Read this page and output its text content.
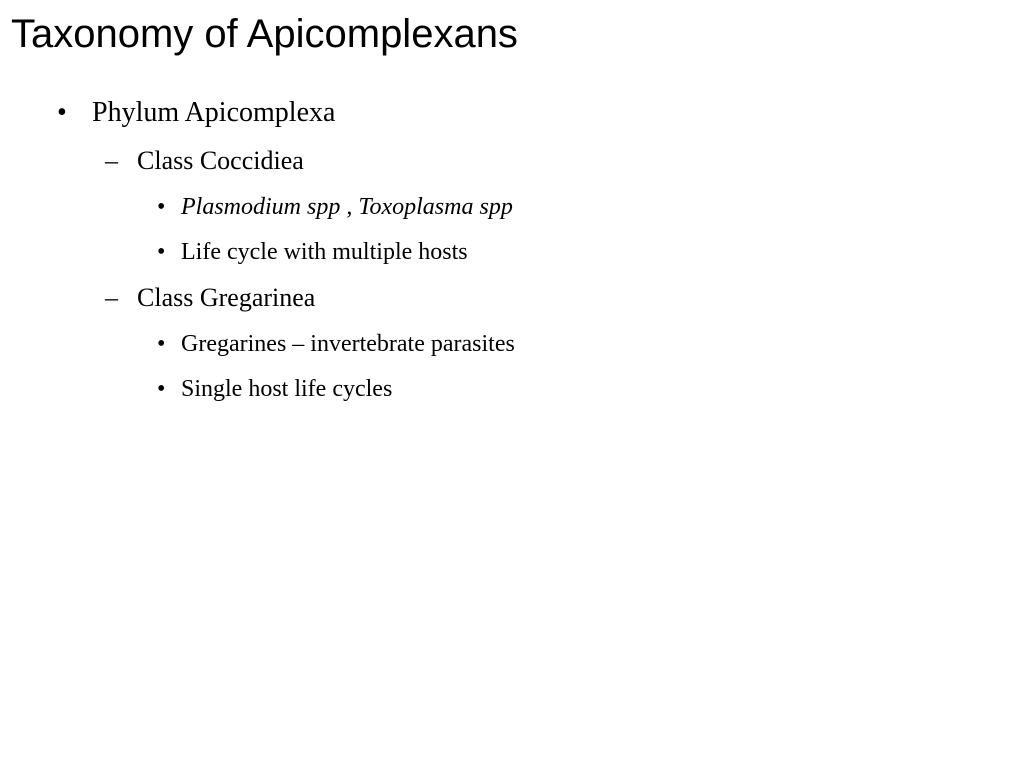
Taxonomy of Apicomplexans
• Phylum Apicomplexa
– Class Coccidiea
• Plasmodium spp , Toxoplasma spp
• Life cycle with multiple hosts
– Class Gregarinea
• Gregarines – invertebrate parasites
• Single host life cycles
